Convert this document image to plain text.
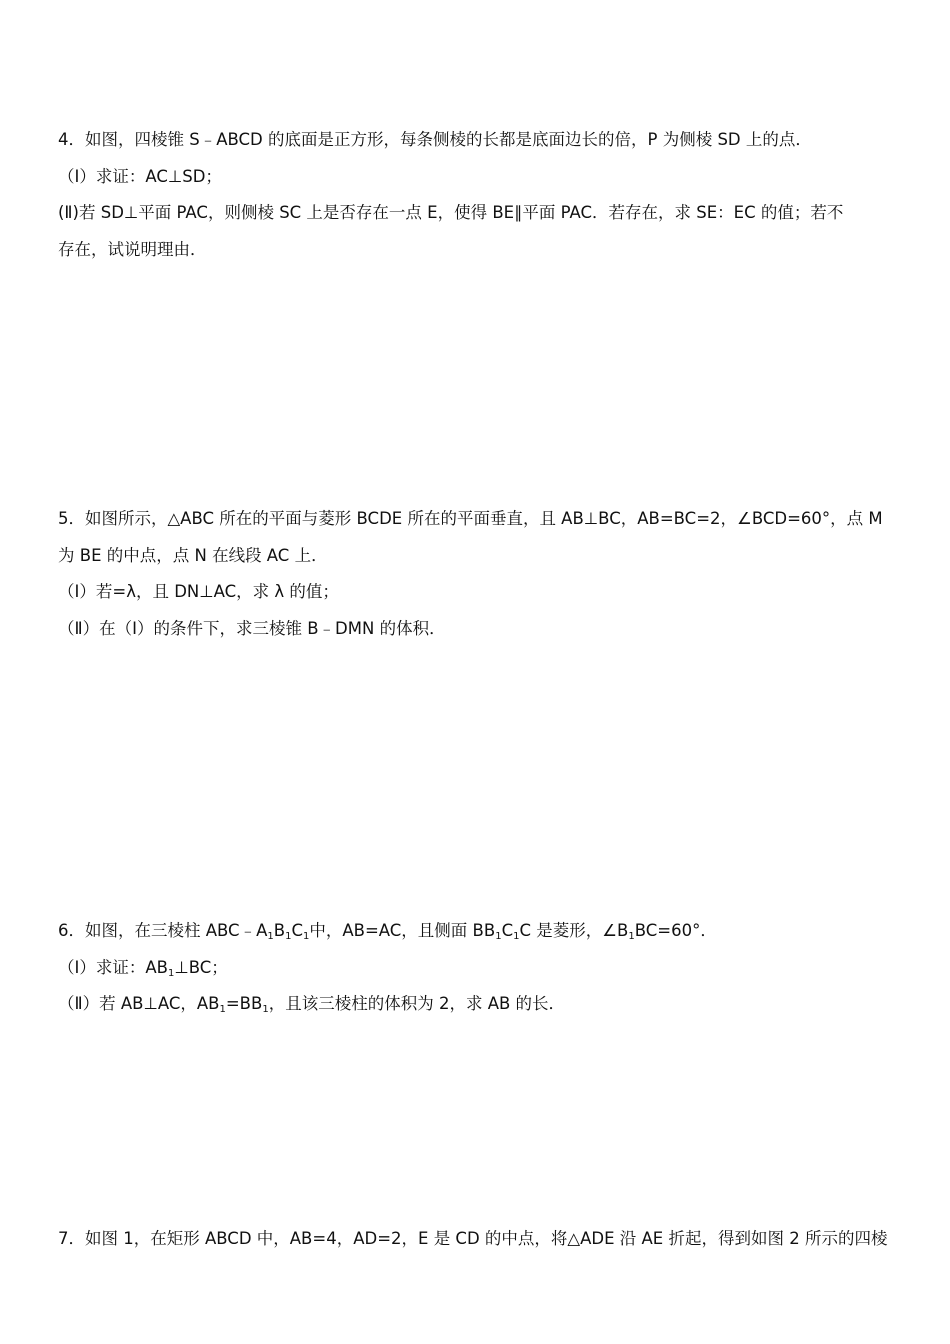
4．如图，四棱锥 S﹣ABCD 的底面是正方形，每条侧棱的长都是底面边长的倍，P 为侧棱 SD 上的点．
（Ⅰ）求证：AC⊥SD；
(Ⅱ)若 SD⊥平面 PAC，则侧棱 SC 上是否存在一点 E，使得 BE∥平面 PAC．若存在，求 SE：EC 的值；若不
存在，试说明理由．
5．如图所示，△ABC 所在的平面与菱形 BCDE 所在的平面垂直，且 AB⊥BC，AB=BC=2，∠BCD=60°，点 M
为 BE 的中点，点 N 在线段 AC 上．
（Ⅰ）若=λ，且 DN⊥AC，求 λ 的值；
（Ⅱ）在（Ⅰ）的条件下，求三棱锥 B﹣DMN 的体积．
6．如图，在三棱柱 $ABC﹣A_1B_1C_1$中，AB=AC，且侧面 $BB_1C_1C$ 是菱形，$\angle B_1BC=60^\circ$．
（Ⅰ）求证：$AB_1\perp BC$；
（Ⅱ）若 AB⊥AC，$AB_1=BB_1$，且该三棱柱的体积为 2，求 AB 的长．
7．如图 1，在矩形 ABCD 中，AB=4，AD=2，E 是 CD 的中点，将△ADE 沿 AE 折起，得到如图 2 所示的四棱
